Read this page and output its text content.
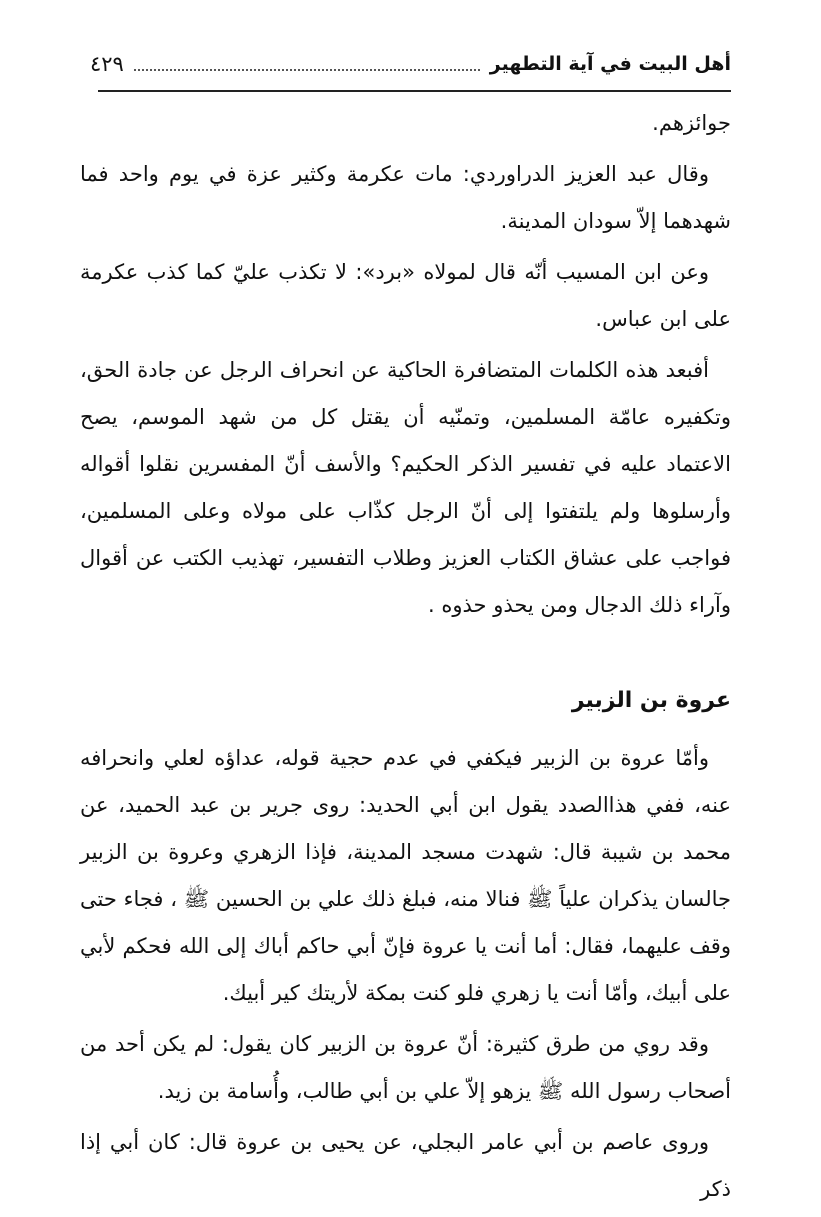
أهل البيت في آية التطهير
٤٢٩

جوائزهم.

وقال عبد العزيز الدراوردي: مات عكرمة وكثير عزة في يوم واحد فما شهدهما إلاّ سودان المدينة.

وعن ابن المسيب أنّه قال لمولاه «برد»: لا تكذب عليّ كما كذب عكرمة على ابن عباس.

أفبعد هذه الكلمات المتضافرة الحاكية عن انحراف الرجل عن جادة الحق، وتكفيره عامّة المسلمين، وتمنّيه أن يقتل كل من شهد الموسم، يصح الاعتماد عليه في تفسير الذكر الحكيم؟ والأسف أنّ المفسرين نقلوا أقواله وأرسلوها ولم يلتفتوا إلى أنّ الرجل كذّاب على مولاه وعلى المسلمين، فواجب على عشاق الكتاب العزيز وطلاب التفسير، تهذيب الكتب عن أقوال وآراء ذلك الدجال ومن يحذو حذوه .

عروة بن الزبير

وأمّا عروة بن الزبير فيكفي في عدم حجية قوله، عداؤه لعلي وانحرافه عنه، ففي هذاالصدد يقول ابن أبي الحديد: روى جرير بن عبد الحميد، عن محمد بن شيبة قال: شهدت مسجد المدينة، فإذا الزهري وعروة بن الزبير جالسان يذكران علياً ﷺ فنالا منه، فبلغ ذلك علي بن الحسين ﷺ ، فجاء حتى وقف عليهما، فقال: أما أنت يا عروة فإنّ أبي حاكم أباك إلى الله فحكم لأبي على أبيك، وأمّا أنت يا زهري فلو كنت بمكة لأريتك كير أبيك.

وقد روي من طرق كثيرة: أنّ عروة بن الزبير كان يقول: لم يكن أحد من أصحاب رسول الله ﷺ يزهو إلاّ علي بن أبي طالب، وأُسامة بن زيد.

وروى عاصم بن أبي عامر البجلي، عن يحيى بن عروة قال: كان أبي إذا ذكر
